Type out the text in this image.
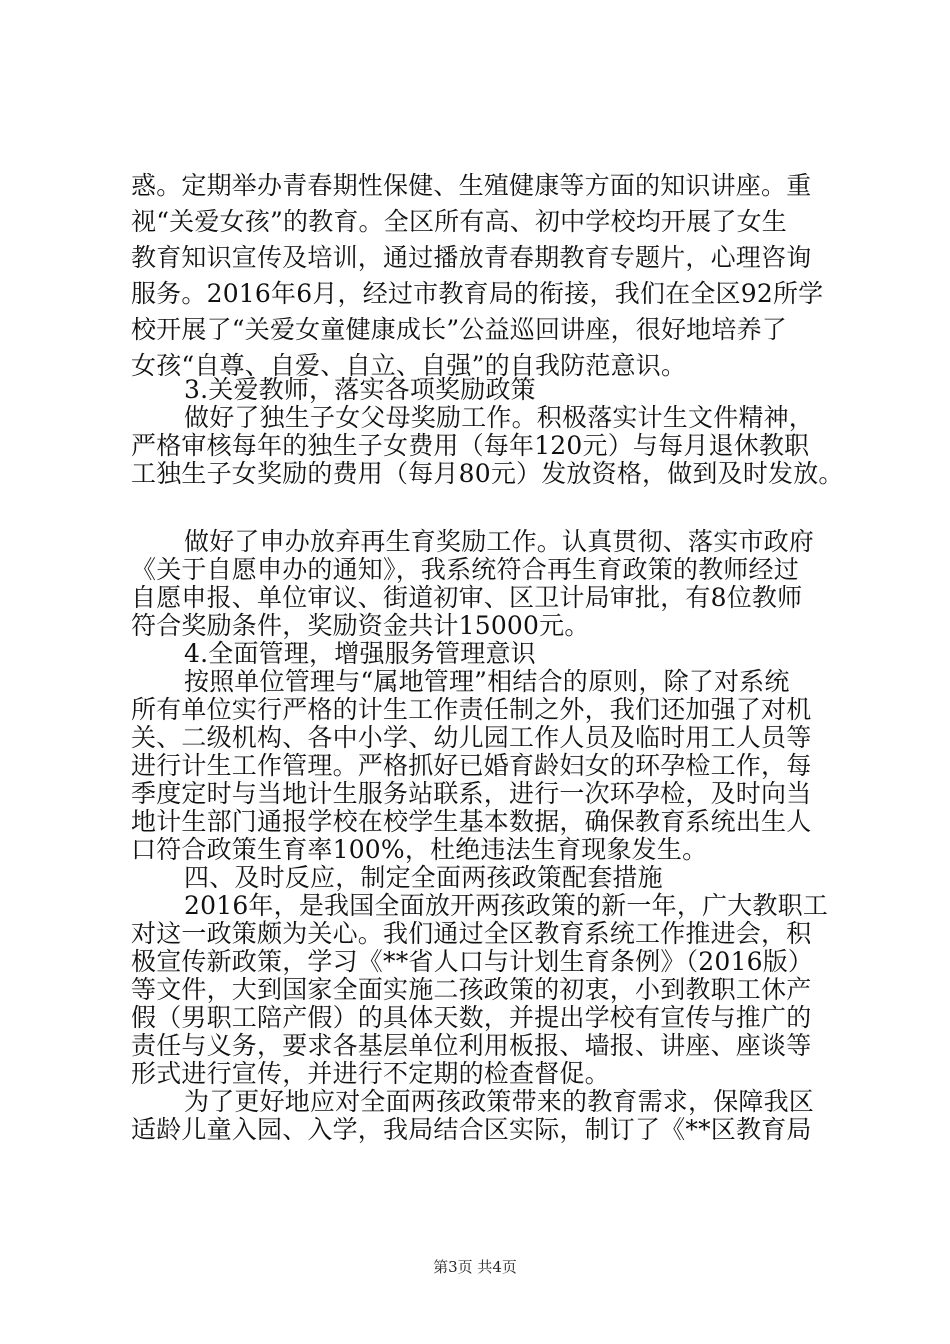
惑。定期举办青春期性保健、生殖健康等方面的知识讲座。重
视“关爱女孩”的教育。全区所有高、初中学校均开展了女生
教育知识宣传及培训，通过播放青春期教育专题片，心理咨询
服务。2016年6月，经过市教育局的衔接，我们在全区92所学
校开展了“关爱女童健康成长”公益巡回讲座，很好地培养了
女孩“自尊、自爱、自立、自强”的自我防范意识。
3.关爱教师，落实各项奖励政策
做好了独生子女父母奖励工作。积极落实计生文件精神，
严格审核每年的独生子女费用（每年120元）与每月退休教职
工独生子女奖励的费用（每月80元）发放资格，做到及时发放。
做好了申办放弃再生育奖励工作。认真贯彻、落实市政府
《关于自愿申办的通知》，我系统符合再生育政策的教师经过
自愿申报、单位审议、街道初审、区卫计局审批，有8位教师
符合奖励条件，奖励资金共计15000元。
4.全面管理，增强服务管理意识
按照单位管理与“属地管理”相结合的原则，除了对系统
所有单位实行严格的计生工作责任制之外，我们还加强了对机
关、二级机构、各中小学、幼儿园工作人员及临时用工人员等
进行计生工作管理。严格抓好已婚育龄妇女的环孕检工作，每
季度定时与当地计生服务站联系，进行一次环孕检，及时向当
地计生部门通报学校在校学生基本数据，确保教育系统出生人
口符合政策生育率100%，杜绝违法生育现象发生。
四、及时反应，制定全面两孩政策配套措施
2016年，是我国全面放开两孩政策的新一年，广大教职工
对这一政策颇为关心。我们通过全区教育系统工作推进会，积
极宣传新政策，学习《**省人口与计划生育条例》（2016版）
等文件，大到国家全面实施二孩政策的初衷，小到教职工休产
假（男职工陪产假）的具体天数，并提出学校有宣传与推广的
责任与义务，要求各基层单位利用板报、墙报、讲座、座谈等
形式进行宣传，并进行不定期的检查督促。
为了更好地应对全面两孩政策带来的教育需求，保障我区
适龄儿童入园、入学，我局结合区实际，制订了《**区教育局
第3页 共4页
